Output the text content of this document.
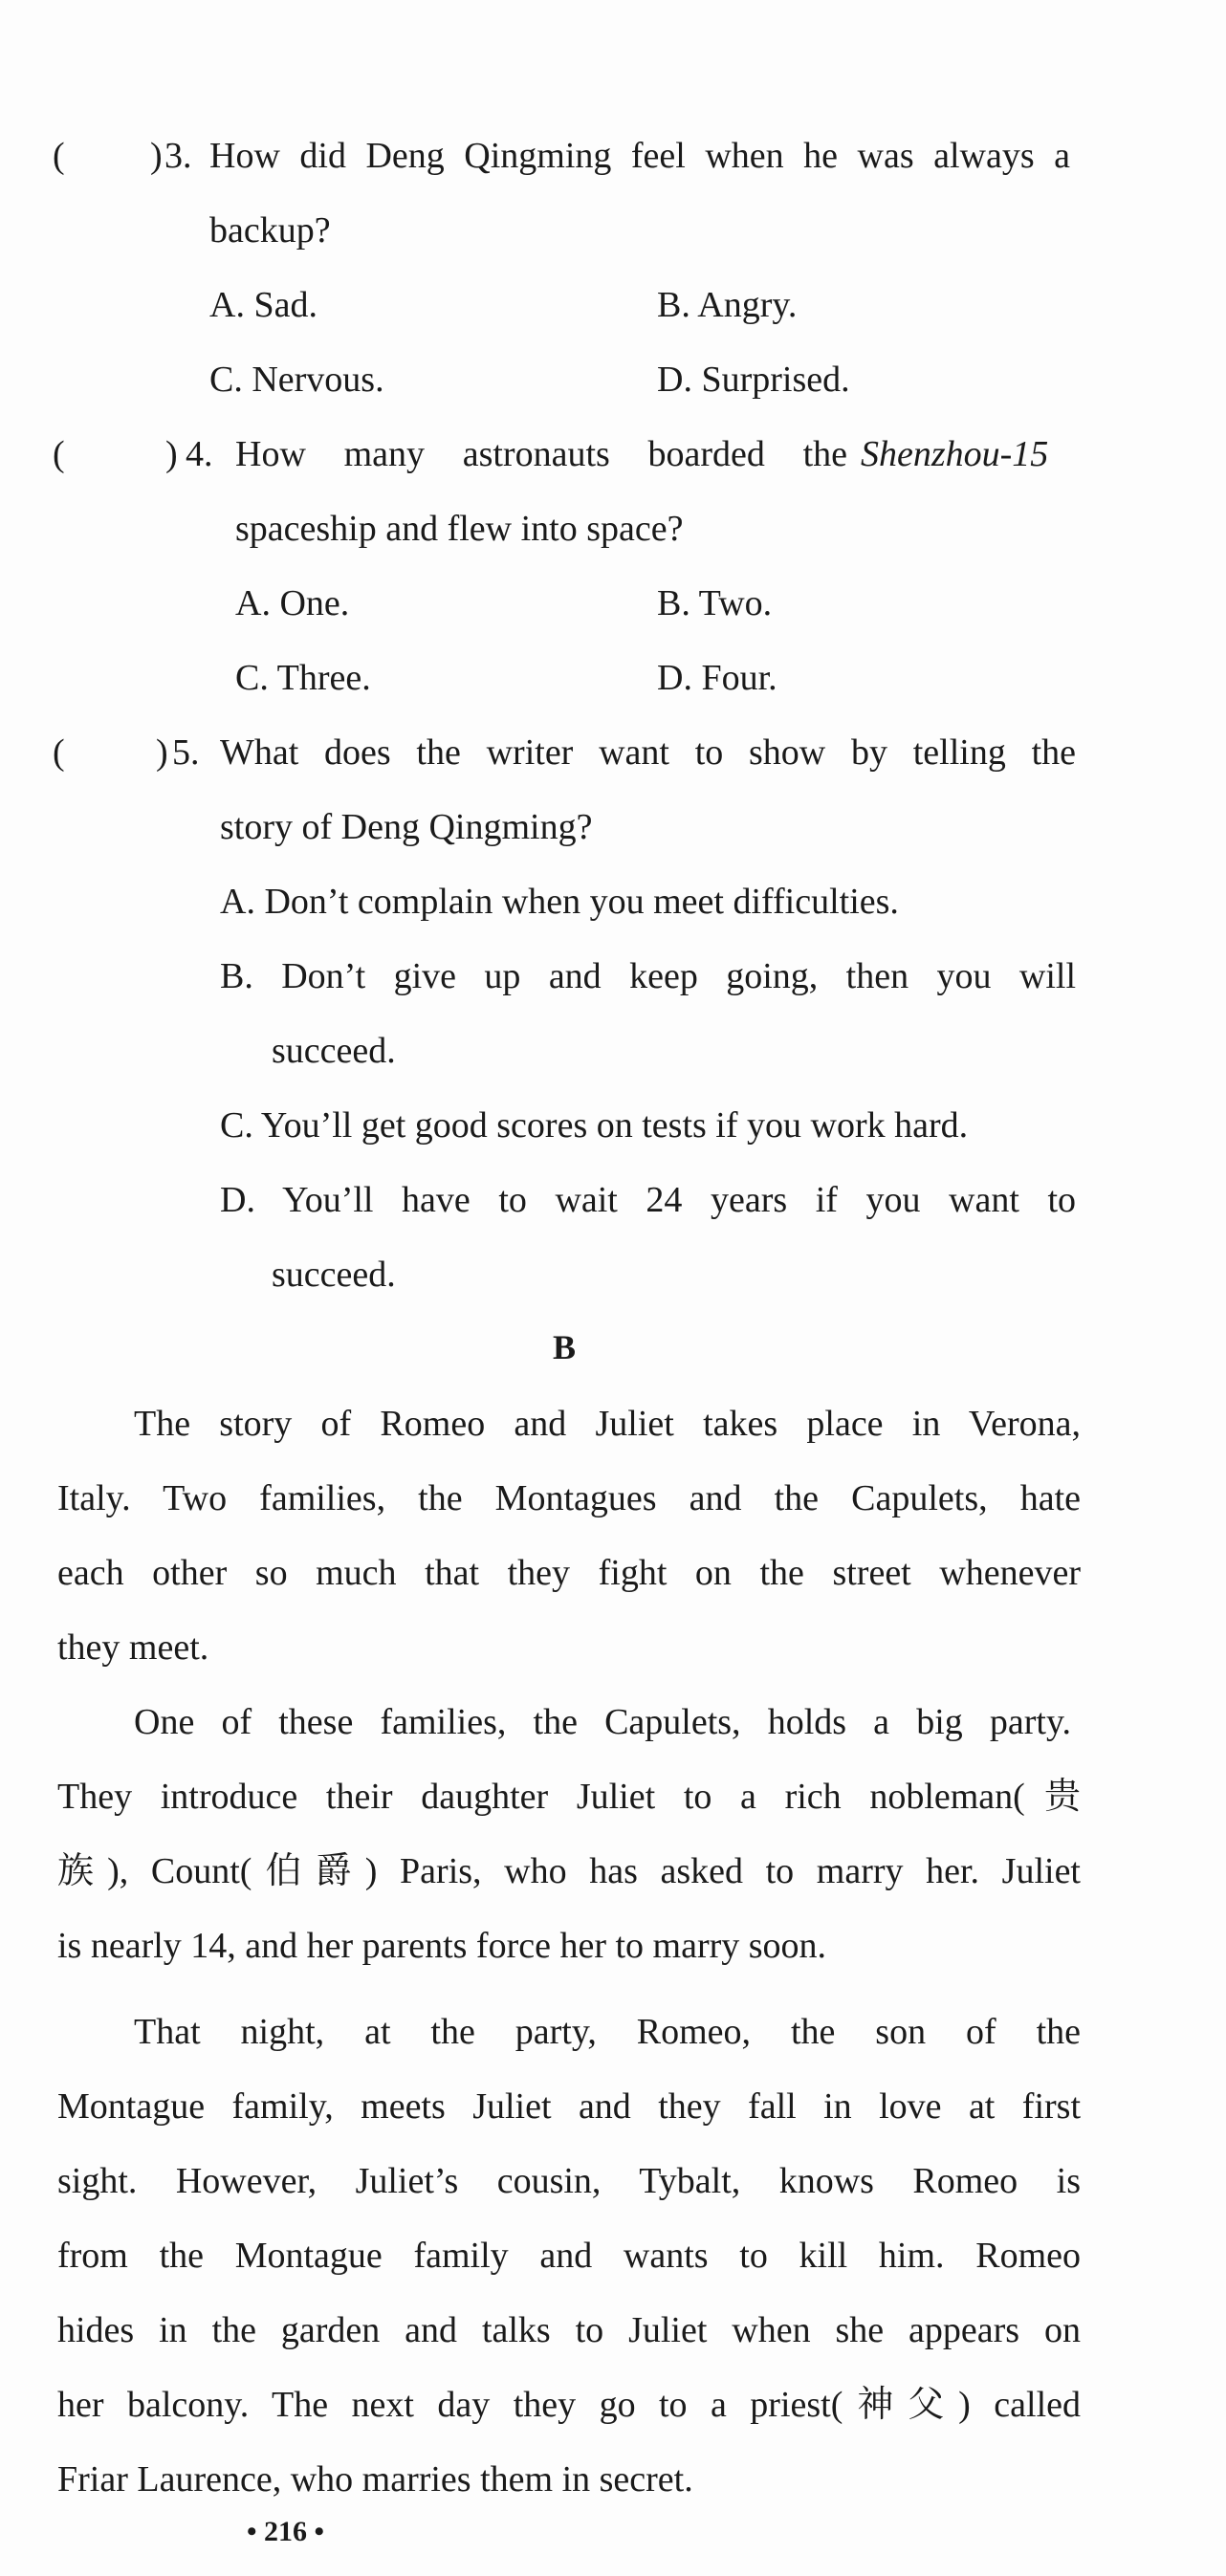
( ) 3. How did Deng Qingming feel when he was always a
backup?
A. Sad.	B. Angry.
C. Nervous.	D. Surprised.
(	) 4. How many astronauts boarded the Shenzhou-15
spaceship and flew into space?
A. One.	B. Two.
C. Three.	D. Four.
(	) 5. What does the writer want to show by telling the
story of Deng Qingming?
A. Don’t complain when you meet difficulties.
B. Don’t give up and keep going, then you will
succeed.
C. You’ll get good scores on tests if you work hard.
D. You’ll have to wait 24 years if you want to
succeed.
B
The story of Romeo and Juliet takes place in Verona,
Italy. Two families, the Montagues and the Capulets, hate
each other so much that they fight on the street whenever
they meet.
One of these families, the Capulets, holds a big party.
They introduce their daughter Juliet to a rich nobleman(贵
族), Count(伯爵) Paris, who has asked to marry her. Juliet
is nearly 14, and her parents force her to marry soon.
That night, at the party, Romeo, the son of the
Montague family, meets Juliet and they fall in love at first
sight. However, Juliet’s cousin, Tybalt, knows Romeo is
from the Montague family and wants to kill him. Romeo
hides in the garden and talks to Juliet when she appears on
her balcony. The next day they go to a priest(神父) called
Friar Laurence, who marries them in secret.
• 216 •
